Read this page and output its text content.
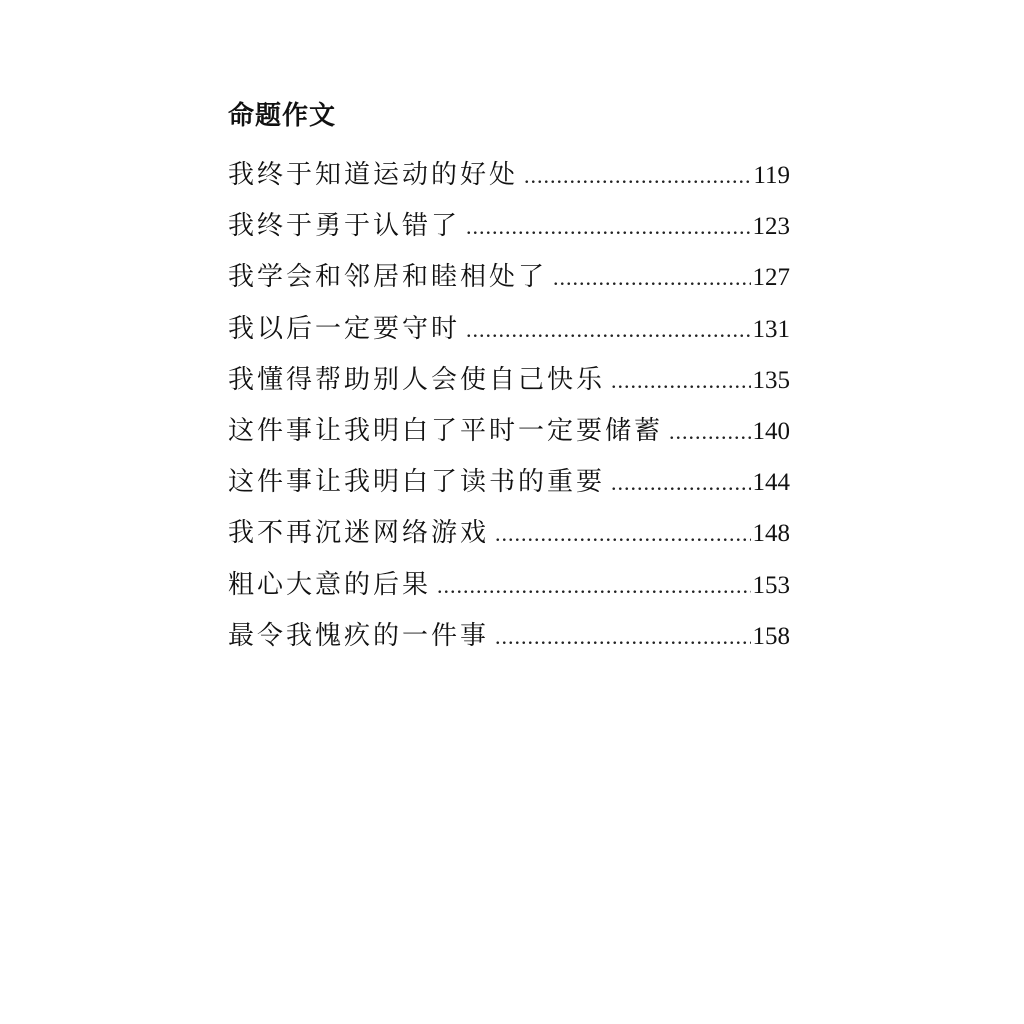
命题作文
我终于知道运动的好处 .....	119
我终于勇于认错了 .....	123
我学会和邻居和睦相处了 .....	127
我以后一定要守时 .....	131
我懂得帮助别人会使自己快乐 .....	135
这件事让我明白了平时一定要储蓄 .....	140
这件事让我明白了读书的重要 .....	144
我不再沉迷网络游戏 .....	148
粗心大意的后果 .....	153
最令我愧疚的一件事 .....	158
